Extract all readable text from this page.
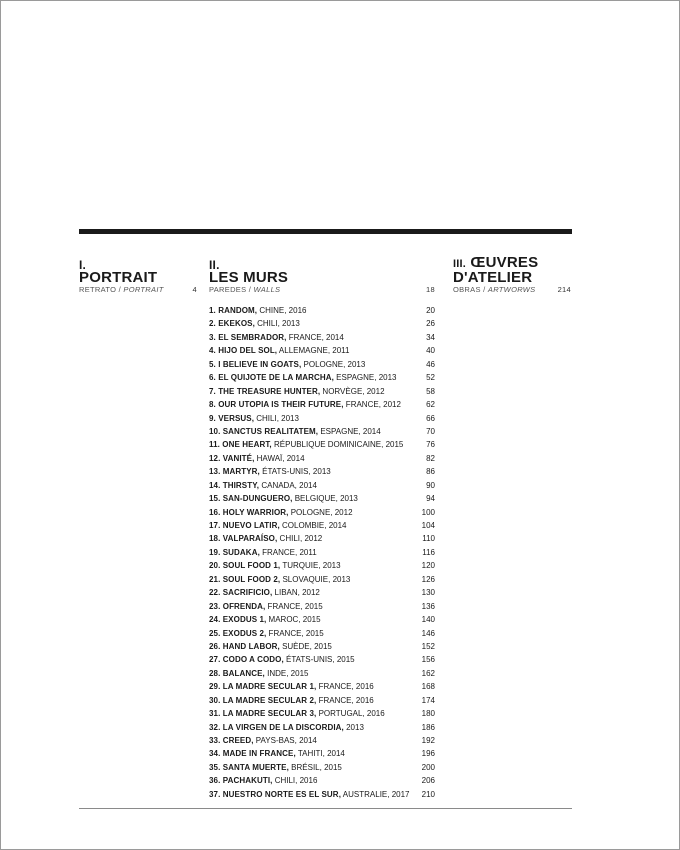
I.
PORTRAIT
RETRATO / PORTRAIT	4
II.
LES MURS
PAREDES / WALLS	18
III. ŒUVRES
D'ATELIER
OBRAS / ARTWORWS	214
1. RANDOM, CHINE, 2016	20
2. EKEKOS, CHILI, 2013	26
3. EL SEMBRADOR, FRANCE, 2014	34
4. HIJO DEL SOL, ALLEMAGNE, 2011	40
5. I BELIEVE IN GOATS, POLOGNE, 2013	46
6. EL QUIJOTE DE LA MARCHA, ESPAGNE, 2013	52
7. THE TREASURE HUNTER, NORVÈGE, 2012	58
8. OUR UTOPIA IS THEIR FUTURE, FRANCE, 2012	62
9. VERSUS, CHILI, 2013	66
10. SANCTUS REALITATEM, ESPAGNE, 2014	70
11. ONE HEART, RÉPUBLIQUE DOMINICAINE, 2015	76
12. VANITÉ, HAWAÏ, 2014	82
13. MARTYR, ÉTATS-UNIS, 2013	86
14. THIRSTY, CANADA, 2014	90
15. SAN-DUNGUERO, BELGIQUE, 2013	94
16. HOLY WARRIOR, POLOGNE, 2012	100
17. NUEVO LATIR, COLOMBIE, 2014	104
18. VALPARAÍSO, CHILI, 2012	110
19. SUDAKA, FRANCE, 2011	116
20. SOUL FOOD 1, TURQUIE, 2013	120
21. SOUL FOOD 2, SLOVAQUIE, 2013	126
22. SACRIFICIO, LIBAN, 2012	130
23. OFRENDA, FRANCE, 2015	136
24. EXODUS 1, MAROC, 2015	140
25. EXODUS 2, FRANCE, 2015	146
26. HAND LABOR, SUÈDE, 2015	152
27. CODO A CODO, ÉTATS-UNIS, 2015	156
28. BALANCE, INDE, 2015	162
29. LA MADRE SECULAR 1, FRANCE, 2016	168
30. LA MADRE SECULAR 2, FRANCE, 2016	174
31. LA MADRE SECULAR 3, PORTUGAL, 2016	180
32. LA VIRGEN DE LA DISCORDIA, 2013	186
33. CREED, PAYS-BAS, 2014	192
34. MADE IN FRANCE, TAHITI, 2014	196
35. SANTA MUERTE, BRÉSIL, 2015	200
36. PACHAKUTI, CHILI, 2016	206
37. NUESTRO NORTE ES EL SUR, AUSTRALIE, 2017	210
